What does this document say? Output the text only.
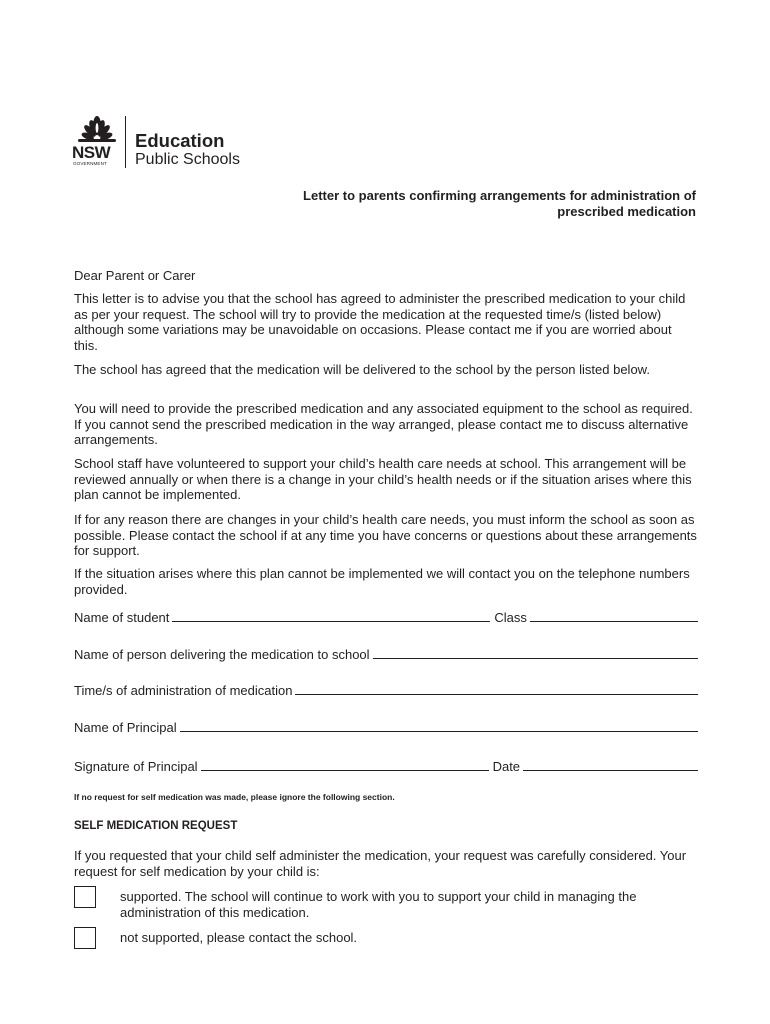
NSW
GOVERNMENT
Education
Public Schools
Letter to parents confirming arrangements for administration of prescribed medication
Dear Parent or Carer
This letter is to advise you that the school has agreed to administer the prescribed medication to your child as per your request. The school will try to provide the medication at the requested time/s (listed below) although some variations may be unavoidable on occasions. Please contact me if you are worried about this.
The school has agreed that the medication will be delivered to the school by the person listed below.
You will need to provide the prescribed medication and any associated equipment to the school as required. If you cannot send the prescribed medication in the way arranged, please contact me to discuss alternative arrangements.
School staff have volunteered to support your child’s health care needs at school. This arrangement will be reviewed annually or when there is a change in your child’s health needs or if the situation arises where this plan cannot be implemented.
If for any reason there are changes in your child’s health care needs, you must inform the school as soon as possible. Please contact the school if at any time you have concerns or questions about these arrangements for support.
If the situation arises where this plan cannot be implemented we will contact you on the telephone numbers provided.
Name of student	Class
Name of person delivering the medication to school
Time/s of administration of medication
Name of Principal
Signature of Principal	Date
If no request for self medication was made, please ignore the following section.
SELF MEDICATION REQUEST
If you requested that your child self administer the medication, your request was carefully considered. Your request for self medication by your child is:
supported. The school will continue to work with you to support your child in managing the administration of this medication.
not supported, please contact the school.
